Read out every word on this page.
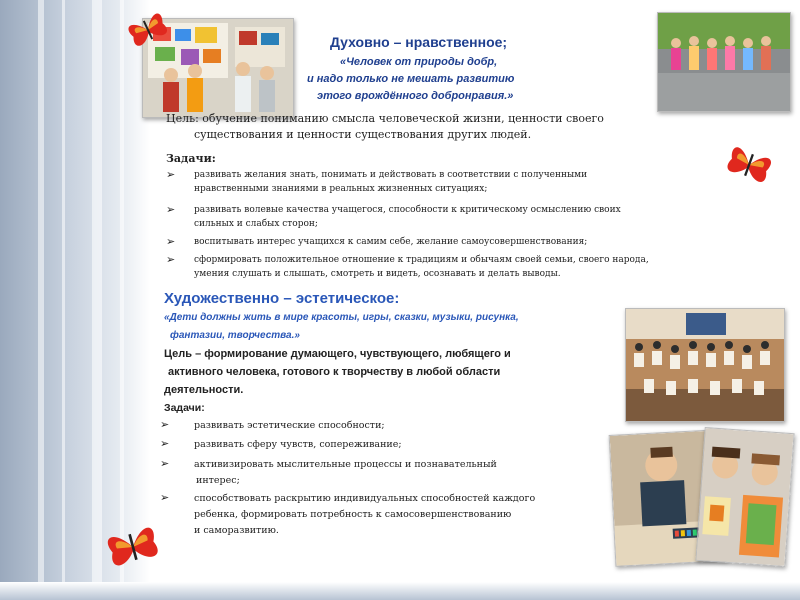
Духовно – нравственное;
«Человек от природы добр,
и надо только не мешать развитию
этого врождённого добронравия.»
Цель: обучение пониманию смысла человеческой жизни, ценности своего
существования и ценности существования других людей.
Задачи:
➢ развивать желания знать, понимать и действовать в соответствии с полученными
нравственными знаниями в реальных жизненных ситуациях;
➢ развивать волевые качества учащегося, способности к критическому осмыслению своих
сильных и слабых сторон;
➢ воспитывать интерес учащихся к самим себе, желание самоусовершенствования;
➢ сформировать положительное отношение к традициям и обычаям своей семьи, своего народа,
умения слушать и слышать, смотреть и видеть, осознавать и делать выводы.
Художественно – эстетическое:
«Дети должны жить в мире красоты, игры, сказки, музыки, рисунка,
фантазии, творчества.»
Цель – формирование думающего, чувствующего, любящего и
активного человека, готового к творчеству в любой области
деятельности.
Задачи:
➢	развивать эстетические способности;
➢	развивать сферу чувств, сопереживание;
➢	активизировать мыслительные процессы и познавательный
интерес;
➢	способствовать раскрытию индивидуальных способностей каждого
ребенка, формировать потребность к самосовершенствованию
и саморазвитию.
